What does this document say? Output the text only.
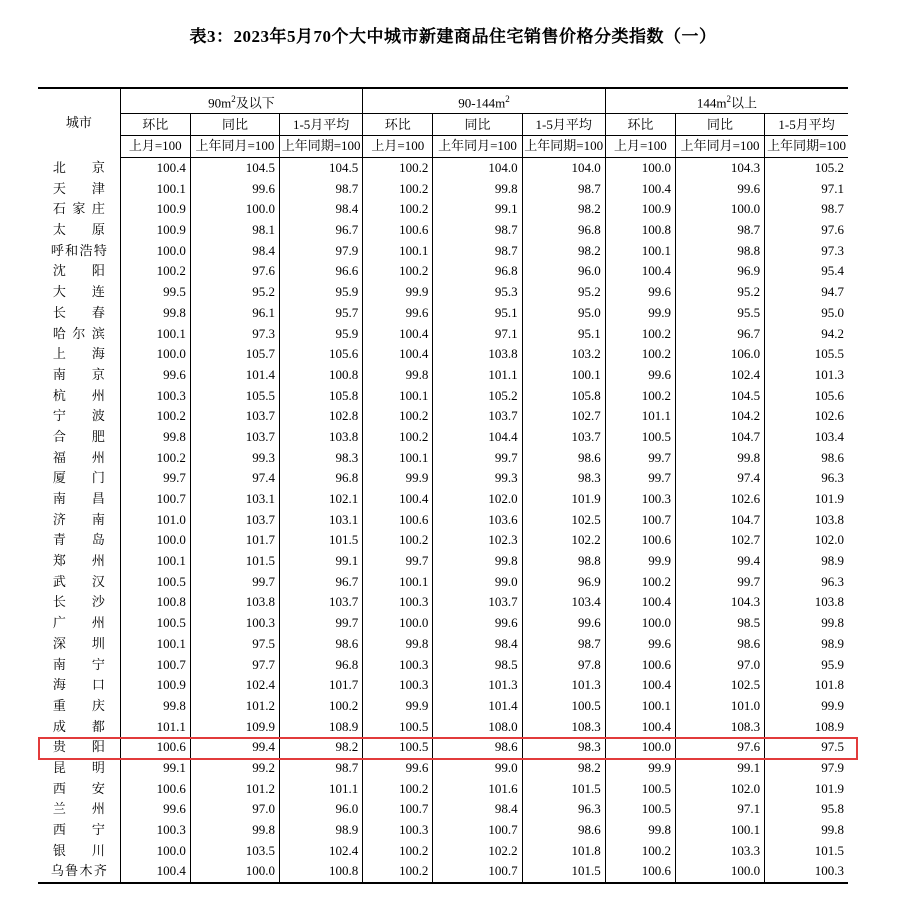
表3：2023年5月70个大中城市新建商品住宅销售价格分类指数（一）
城市	$90m^2$及以下			$90-144m^2$			$144m^2$以上		
	环比	同比	1-5月平均	环比	同比	1-5月平均	环比	同比	1-5月平均
	上月=100	上年同月=100	上年同期=100	上月=100	上年同月=100	上年同期=100	上月=100	上年同月=100	上年同期=100
北京	100.4	104.5	104.5	100.2	104.0	104.0	100.0	104.3	105.2
天津	100.1	99.6	98.7	100.2	99.8	98.7	100.4	99.6	97.1
石家庄	100.9	100.0	98.4	100.2	99.1	98.2	100.9	100.0	98.7
太原	100.9	98.1	96.7	100.6	98.7	96.8	100.8	98.7	97.6
呼和浩特	100.0	98.4	97.9	100.1	98.7	98.2	100.1	98.8	97.3
沈阳	100.2	97.6	96.6	100.2	96.8	96.0	100.4	96.9	95.4
大连	99.5	95.2	95.9	99.9	95.3	95.2	99.6	95.2	94.7
长春	99.8	96.1	95.7	99.6	95.1	95.0	99.9	95.5	95.0
哈尔滨	100.1	97.3	95.9	100.4	97.1	95.1	100.2	96.7	94.2
上海	100.0	105.7	105.6	100.4	103.8	103.2	100.2	106.0	105.5
南京	99.6	101.4	100.8	99.8	101.1	100.1	99.6	102.4	101.3
杭州	100.3	105.5	105.8	100.1	105.2	105.8	100.2	104.5	105.6
宁波	100.2	103.7	102.8	100.2	103.7	102.7	101.1	104.2	102.6
合肥	99.8	103.7	103.8	100.2	104.4	103.7	100.5	104.7	103.4
福州	100.2	99.3	98.3	100.1	99.7	98.6	99.7	99.8	98.6
厦门	99.7	97.4	96.8	99.9	99.3	98.3	99.7	97.4	96.3
南昌	100.7	103.1	102.1	100.4	102.0	101.9	100.3	102.6	101.9
济南	101.0	103.7	103.1	100.6	103.6	102.5	100.7	104.7	103.8
青岛	100.0	101.7	101.5	100.2	102.3	102.2	100.6	102.7	102.0
郑州	100.1	101.5	99.1	99.7	99.8	98.8	99.9	99.4	98.9
武汉	100.5	99.7	96.7	100.1	99.0	96.9	100.2	99.7	96.3
长沙	100.8	103.8	103.7	100.3	103.7	103.4	100.4	104.3	103.8
广州	100.5	100.3	99.7	100.0	99.6	99.6	100.0	98.5	99.8
深圳	100.1	97.5	98.6	99.8	98.4	98.7	99.6	98.6	98.9
南宁	100.7	97.7	96.8	100.3	98.5	97.8	100.6	97.0	95.9
海口	100.9	102.4	101.7	100.3	101.3	101.3	100.4	102.5	101.8
重庆	99.8	101.2	100.2	99.9	101.4	100.5	100.1	101.0	99.9
成都	101.1	109.9	108.9	100.5	108.0	108.3	100.4	108.3	108.9
贵阳	100.6	99.4	98.2	100.5	98.6	98.3	100.0	97.6	97.5
昆明	99.1	99.2	98.7	99.6	99.0	98.2	99.9	99.1	97.9
西安	100.6	101.2	101.1	100.2	101.6	101.5	100.5	102.0	101.9
兰州	99.6	97.0	96.0	100.7	98.4	96.3	100.5	97.1	95.8
西宁	100.3	99.8	98.9	100.3	100.7	98.6	99.8	100.1	99.8
银川	100.0	103.5	102.4	100.2	102.2	101.8	100.2	103.3	101.5
乌鲁木齐	100.4	100.0	100.8	100.2	100.7	101.5	100.6	100.0	100.3
